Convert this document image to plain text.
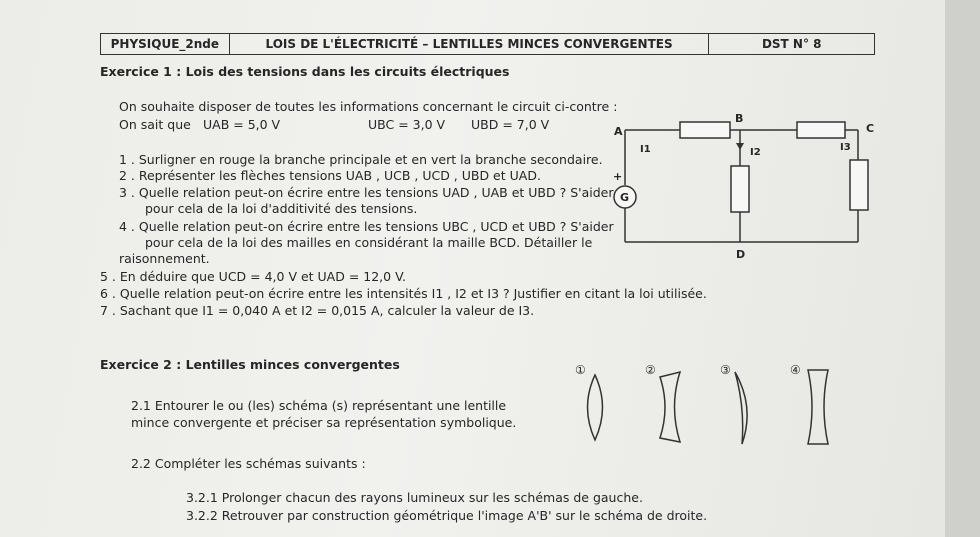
PHYSIQUE_2nde	LOIS DE L'ÉLECTRICITÉ – LENTILLES MINCES CONVERGENTES	DST N° 8
Exercice 1 : Lois des tensions dans les circuits électriques
On souhaite disposer de toutes les informations concernant le circuit ci-contre :
On sait que UAB = 5,0 V	UBC = 3,0 V UBD = 7,0 V
1 . Surligner en rouge la branche principale et en vert la branche secondaire.
2 . Représenter les flèches tensions UAB , UCB , UCD , UBD et UAD.
3 . Quelle relation peut-on écrire entre les tensions UAD , UAB et UBD ? S'aider
pour cela de la loi d'additivité des tensions.
4 . Quelle relation peut-on écrire entre les tensions UBC , UCD et UBD ? S'aider
pour cela de la loi des mailles en considérant la maille BCD. Détailler le
raisonnement.
5 . En déduire que UCD = 4,0 V et UAD = 12,0 V.
6 . Quelle relation peut-on écrire entre les intensités I1 , I2 et I3 ? Justifier en citant la loi utilisée.
7 . Sachant que I1 = 0,040 A et I2 = 0,015 A, calculer la valeur de I3.
A
B
C
D
I1	I2	I3
G
+
Exercice 2 : Lentilles minces convergentes
2.1 Entourer le ou (les) schéma (s) représentant une lentille
mince convergente et préciser sa représentation symbolique.
2.2 Compléter les schémas suivants :
3.2.1 Prolonger chacun des rayons lumineux sur les schémas de gauche.
3.2.2 Retrouver par construction géométrique l'image A'B' sur le schéma de droite.
①	②	③	④
